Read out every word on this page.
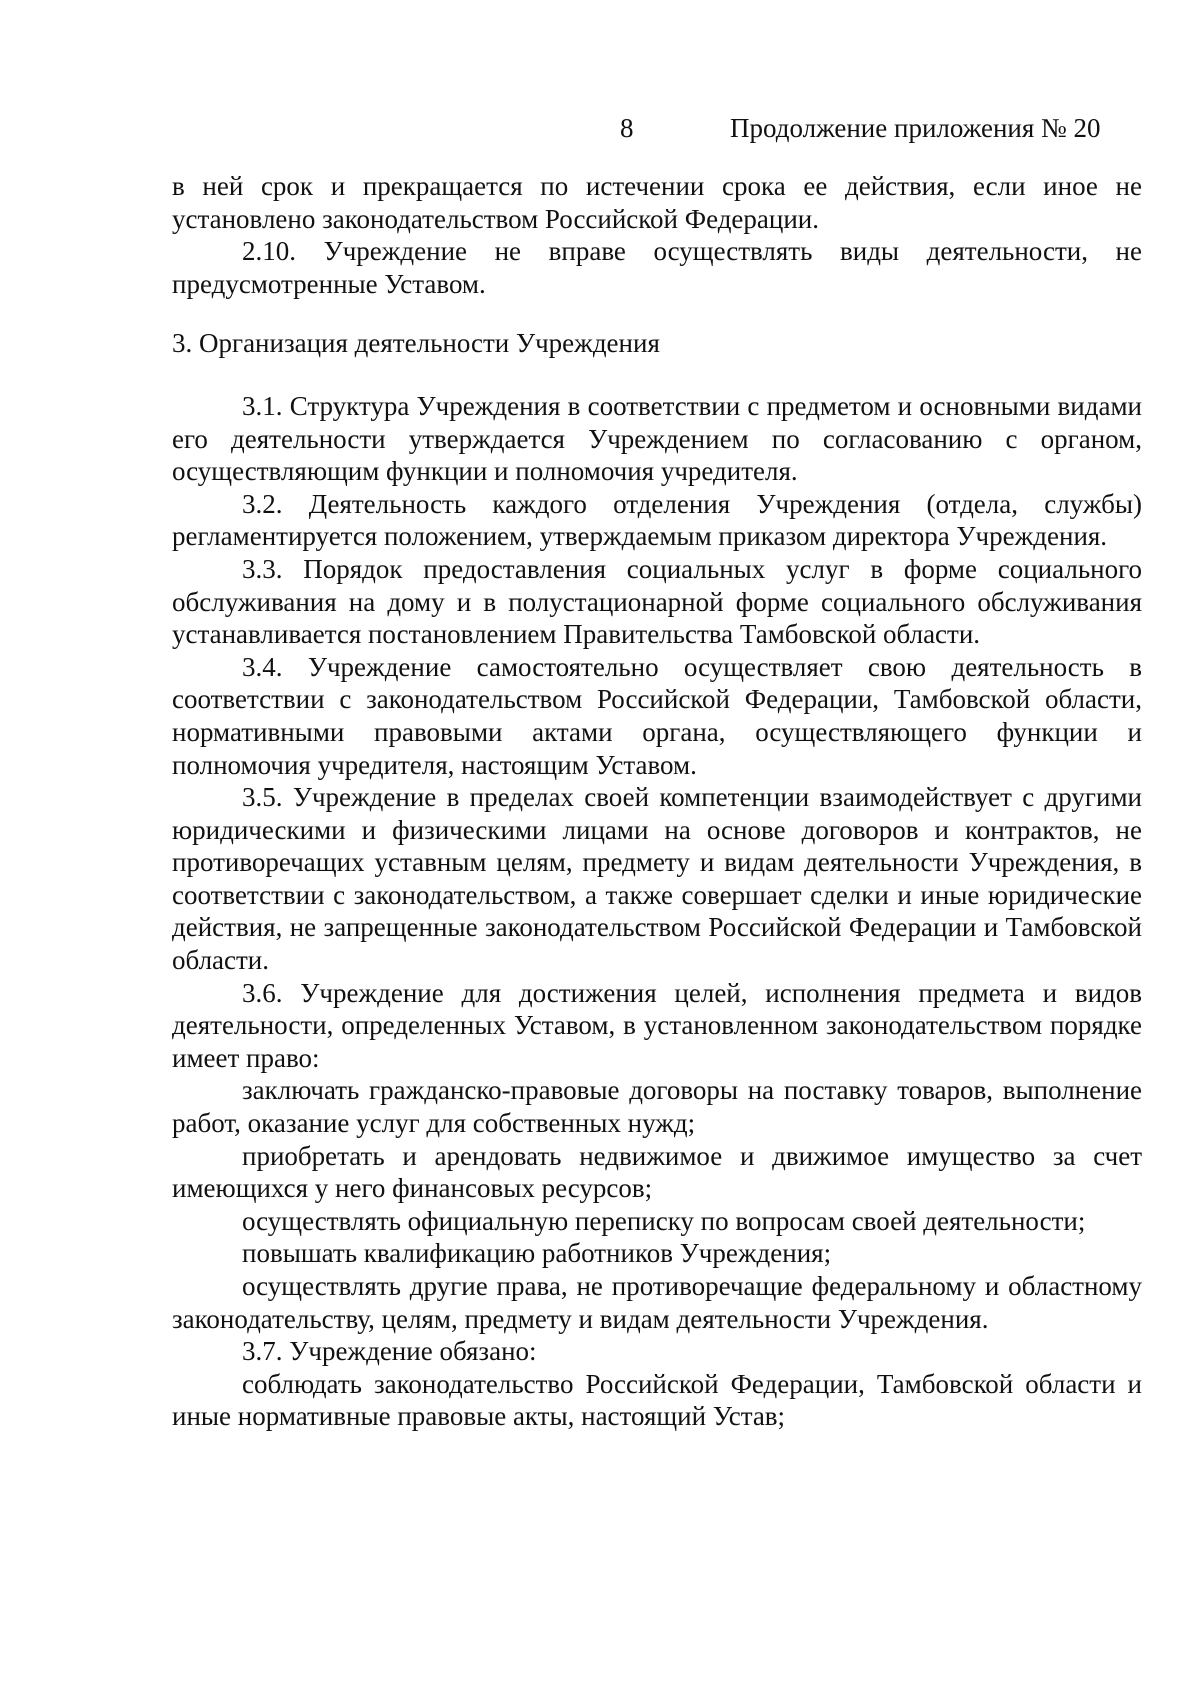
8	Продолжение приложения № 20

в ней срок и прекращается по истечении срока ее действия, если иное не установлено законодательством Российской Федерации.

2.10. Учреждение не вправе осуществлять виды деятельности, не предусмотренные Уставом.

3. Организация деятельности Учреждения

3.1. Структура Учреждения в соответствии с предметом и основными видами его деятельности утверждается Учреждением по согласованию с органом, осуществляющим функции и полномочия учредителя.

3.2. Деятельность каждого отделения Учреждения (отдела, службы) регламентируется положением, утверждаемым приказом директора Учреждения.

3.3. Порядок предоставления социальных услуг в форме социального обслуживания на дому и в полустационарной форме социального обслуживания устанавливается постановлением Правительства Тамбовской области.

3.4. Учреждение самостоятельно осуществляет свою деятельность в соответствии с законодательством Российской Федерации, Тамбовской области, нормативными правовыми актами органа, осуществляющего функции и полномочия учредителя, настоящим Уставом.

3.5. Учреждение в пределах своей компетенции взаимодействует с другими юридическими и физическими лицами на основе договоров и контрактов, не противоречащих уставным целям, предмету и видам деятельности Учреждения, в соответствии с законодательством, а также совершает сделки и иные юридические действия, не запрещенные законодательством Российской Федерации и Тамбовской области.

3.6. Учреждение для достижения целей, исполнения предмета и видов деятельности, определенных Уставом, в установленном законодательством порядке имеет право:

заключать гражданско-правовые договоры на поставку товаров, выполнение работ, оказание услуг для собственных нужд;

приобретать и арендовать недвижимое и движимое имущество за счет имеющихся у него финансовых ресурсов;

осуществлять официальную переписку по вопросам своей деятельности;

повышать квалификацию работников Учреждения;

осуществлять другие права, не противоречащие федеральному и областному законодательству, целям, предмету и видам деятельности Учреждения.

3.7. Учреждение обязано:

соблюдать законодательство Российской Федерации, Тамбовской области и иные нормативные правовые акты, настоящий Устав;
